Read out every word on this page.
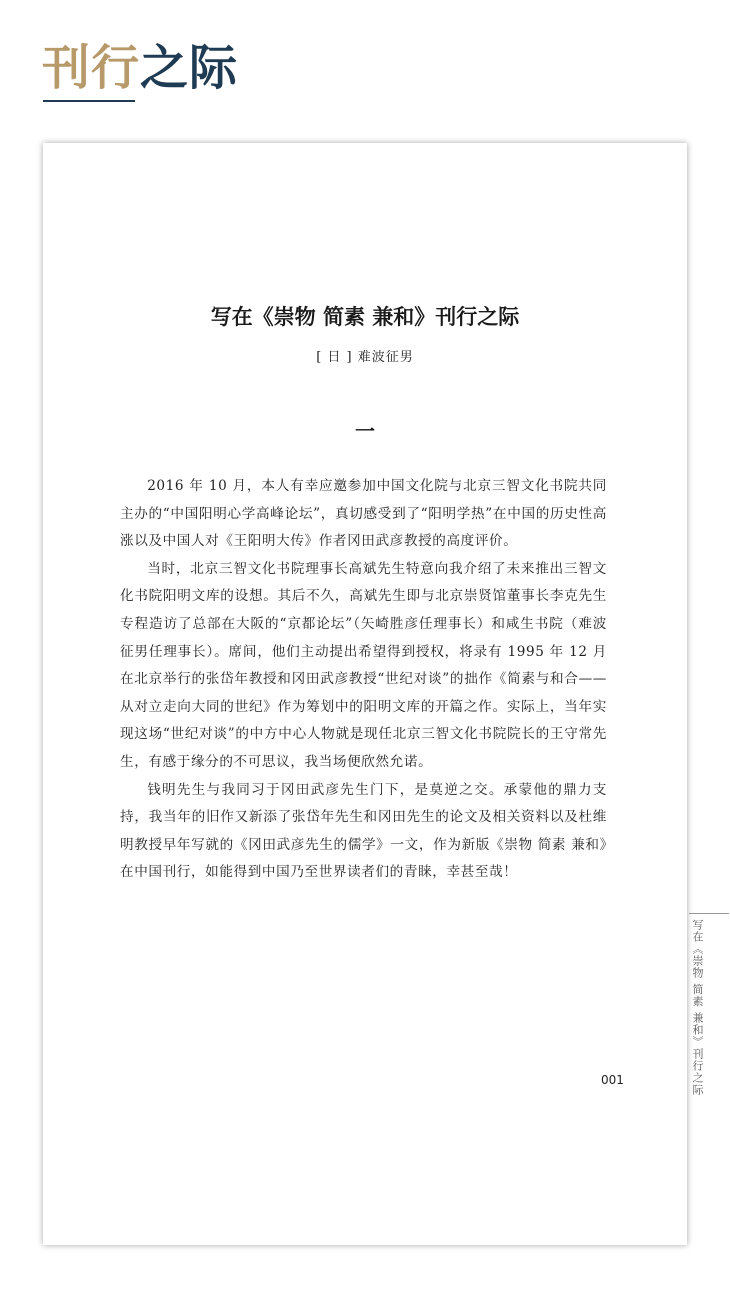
刊行之际
写在《崇物 简素 兼和》刊行之际
[ 日 ] 难波征男
一

2016 年 10 月，本人有幸应邀参加中国文化院与北京三智文化书院共同主办的“中国阳明心学高峰论坛”，真切感受到了“阳明学热”在中国的历史性高涨以及中国人对《王阳明大传》作者冈田武彦教授的高度评价。

当时，北京三智文化书院理事长高斌先生特意向我介绍了未来推出三智文化书院阳明文库的设想。其后不久，高斌先生即与北京崇贤馆董事长李克先生专程造访了总部在大阪的“京都论坛”（矢崎胜彦任理事长）和咸生书院（难波征男任理事长）。席间，他们主动提出希望得到授权，将录有 1995 年 12 月在北京举行的张岱年教授和冈田武彦教授“世纪对谈”的拙作《简素与和合——从对立走向大同的世纪》作为筹划中的阳明文库的开篇之作。实际上，当年实现这场“世纪对谈”的中方中心人物就是现任北京三智文化书院院长的王守常先生，有感于缘分的不可思议，我当场便欣然允诺。

钱明先生与我同习于冈田武彦先生门下，是莫逆之交。承蒙他的鼎力支持，我当年的旧作又新添了张岱年先生和冈田先生的论文及相关资料以及杜维明教授早年写就的《冈田武彦先生的儒学》一文，作为新版《崇物 简素 兼和》在中国刊行，如能得到中国乃至世界读者们的青睐，幸甚至哉！

写在《崇物 简素 兼和》刊行之际
001
